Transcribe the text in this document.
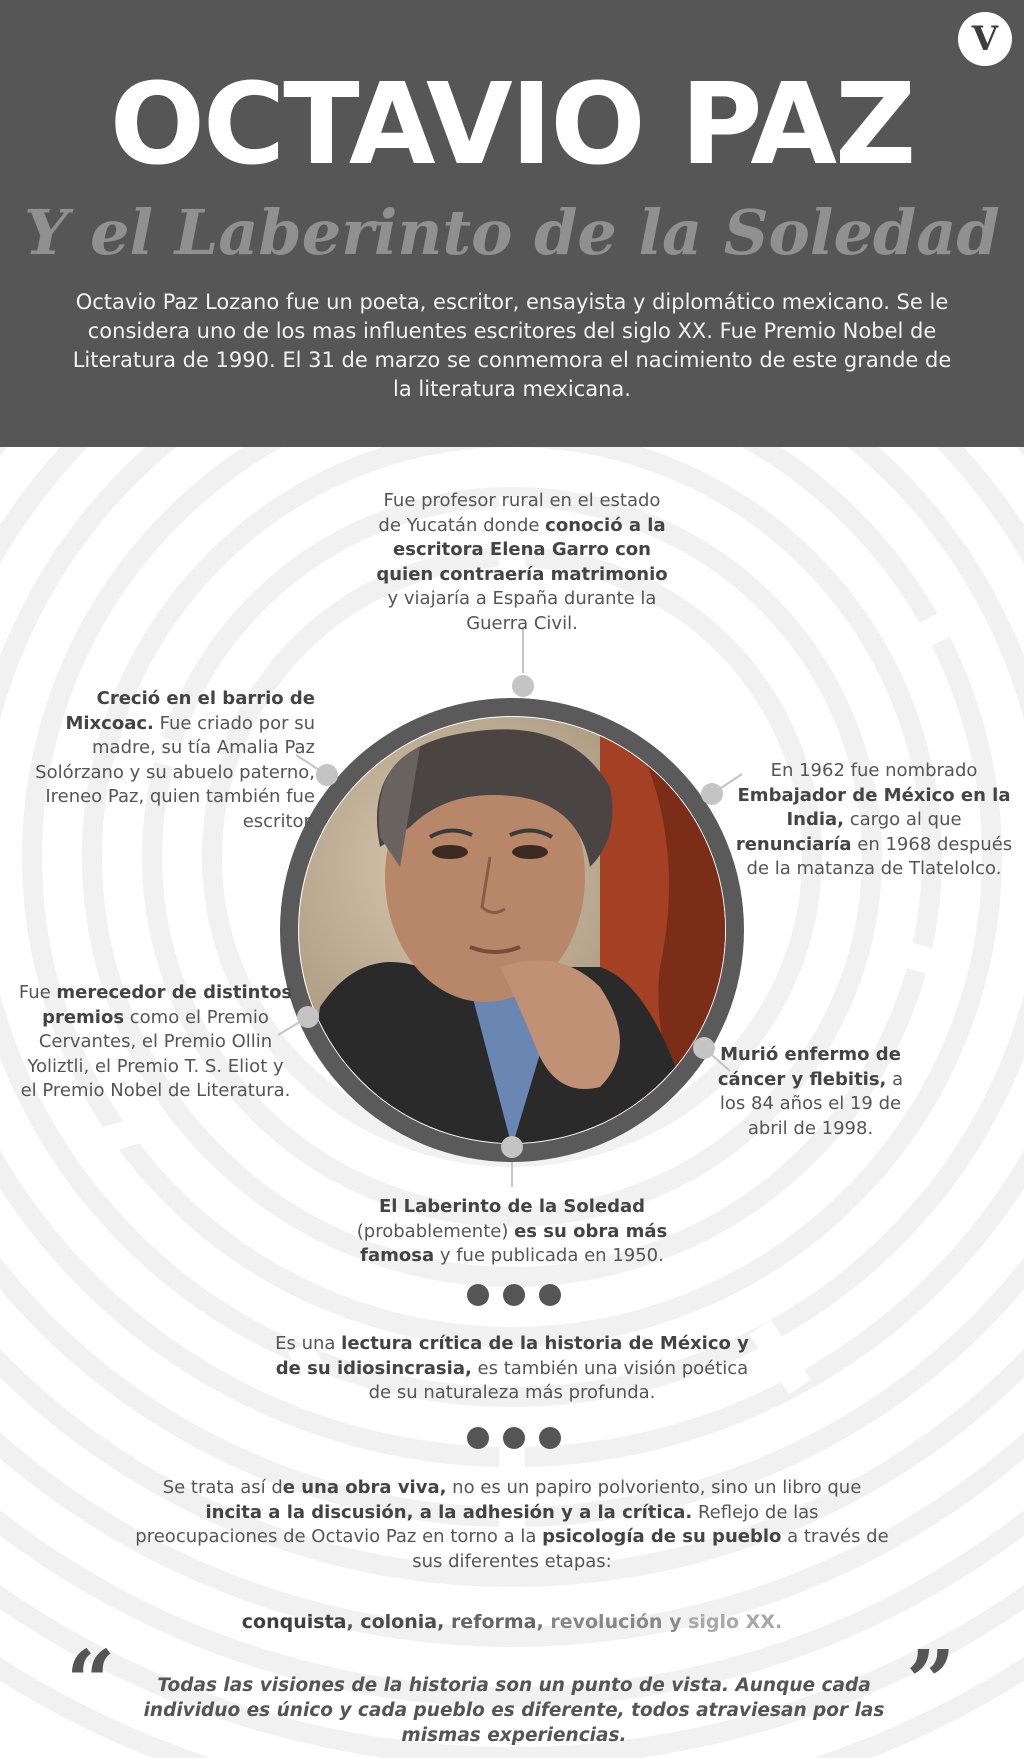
V
OCTAVIO PAZ
Y el Laberinto de la Soledad

Octavio Paz Lozano fue un poeta, escritor, ensayista y diplomático mexicano. Se le considera uno de los mas influentes escritores del siglo XX. Fue Premio Nobel de Literatura de 1990. El 31 de marzo se conmemora el nacimiento de este grande de la literatura mexicana.

Fue profesor rural en el estado de Yucatán donde conoció a la escritora Elena Garro con quien contraería matrimonio y viajaría a España durante la Guerra Civil.
Creció en el barrio de Mixcoac. Fue criado por su madre, su tía Amalia Paz Solórzano y su abuelo paterno, Ireneo Paz, quien también fue escritor.
En 1962 fue nombrado Embajador de México en la India, cargo al que renunciaría en 1968 después de la matanza de Tlatelolco.
Fue merecedor de distintos premios como el Premio Cervantes, el Premio Ollin Yoliztli, el Premio T. S. Eliot y el Premio Nobel de Literatura.
Murió enfermo de cáncer y flebitis, a los 84 años el 19 de abril de 1998.
El Laberinto de la Soledad (probablemente) es su obra más famosa y fue publicada en 1950.
Es una lectura crítica de la historia de México y de su idiosincrasia, es también una visión poética de su naturaleza más profunda.
Se trata así de una obra viva, no es un papiro polvoriento, sino un libro que incita a la discusión, a la adhesión y a la crítica. Reflejo de las preocupaciones de Octavio Paz en torno a la psicología de su pueblo a través de sus diferentes etapas:
conquista, colonia, reforma, revolución y siglo XX.
“	”

Todas las visiones de la historia son un punto de vista. Aunque cada individuo es único y cada pueblo es diferente, todos atraviesan por las mismas experiencias.
